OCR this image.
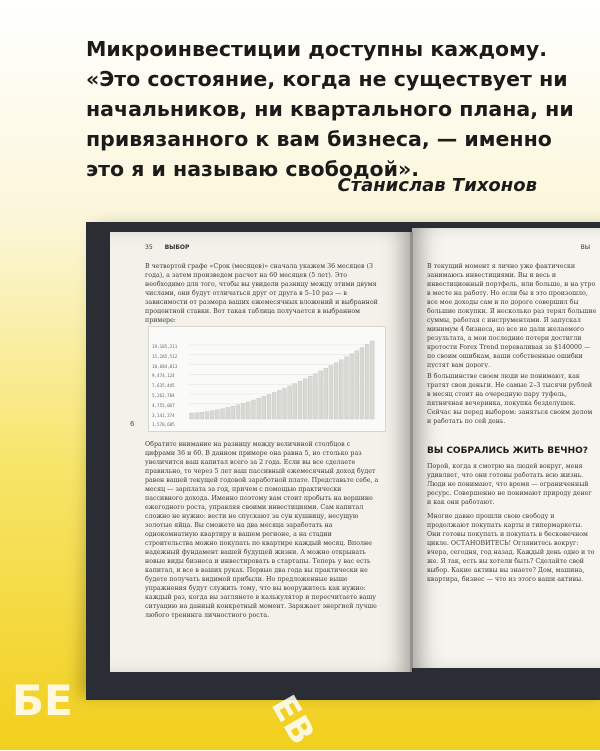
Микроинвестиции доступны каждому.

«Это состояние, когда не существует ни

начальников, ни квартального плана, ни

привязанного к вам бизнеса, — именно

это я и называю свободой».

Станислав Тихонов
35 ВЫБОР
В четвертой графе «Срок (месяцев)» сначала укажем 36 месяцев (3 года), а затем произведем расчет на 60 месяцев (5 лет). Это необходимо для того, чтобы вы увидели разницу между этими двумя числами, они будут отличаться друг от друга в 5–10 раз — в зависимости от размера ваших ежемесячных вложений и выбранной процентной ставки. Вот такая таблица получается в выбранном примере:
19,185,211
15,285,512
10,684,813
9,474,124
7,635,445
5,262,784
4,755,067
3,141,374
1,570,685
6
Обратите внимание на разницу между величиной столбцов с цифрами 36 и 60. В данном примере она равна 5, но столько раз увеличится ваш капитал всего за 2 года. Если вы все сделаете правильно, то через 5 лет ваш пассивный ежемесячный доход будет равен вашей текущей годовой заработной плате. Представьте себе, а месяц — зарплата за год, причем с помощью практически пассивного дохода. Именно поэтому вам стоит пробыть на вершине ежегодного роста, управляя своими инвестициями. Сам капитал сложно не нужно: вести не спускают за сун кушницу, несущую золотые яйца. Вы сможете на два месяца заработать на однокомнатную квартиру в вашем регионе, а на стадии строительства можно покупать по квартире каждый месяц. Вполне надежный фундамент вашей будущей жизни. А можно открывать новые виды бизнеса и инвестировать в стартапы. Теперь у вас есть капитал, и все в ваших руках. Первые два года вы практически не будете получать видимой прибыли. Но предложенные выше упражнения будут служить тому, что вы вооружитесь как нужно: каждый раз, когда вы заглянете в калькулятор и пересчитаете вашу ситуацию на данный конкретный момент. Заряжает энергией лучше любого тренинга личностного роста.
ВЫ
В текущий момент я лично уже фактически занимаюсь инвестициями. Вы и весь и инвестиционный портфель, или больше, и на утро в месте на работу. Но если бы я это произошло, все мое доходы сам и по дороге совершил бы большие покупки. Я несколько раз терял большие суммы, работая с инструментами. Я запускал минимум 4 бизнеса, но все не дали желаемого результата, а мои последние потери достигли кротости Forex Trend переваливая за $140000 — по своим ошибкам, ваши собственные ошибки пустят вам дорогу.
В большинстве своем люди не понимают, как тратят свои деньги. Не самые 2–3 тысячи рублей в месяц стоит на очередную пару туфель, пятничная вечеринка, покупка безделушек. Сейчас вы перед выбором: заняться своим делом и работать по сей день.
ВЫ СОБРАЛИСЬ ЖИТЬ ВЕЧНО?
Порой, когда я смотрю на людей вокруг, меня удивляет, что они готовы работать всю жизнь. Люди не понимают, что время — ограниченный ресурс. Совершенно не понимают природу денег и как они работают.
Многие давно прошли свою свободу и продолжают покупать карты и гипермаркеты. Они готовы покупать и покупать в бесконечном цикле. ОСТАНОВИТЕСЬ! Оглянитесь вокруг: вчера, сегодня, год назад. Каждый день одно и то же. Я так, есть вы хотели быть? Сделайте свой выбор. Какие активы вы знаете? Дом, машина, квартира, бизнес — что из этого ваши активы.
БЕ	ЕВ
